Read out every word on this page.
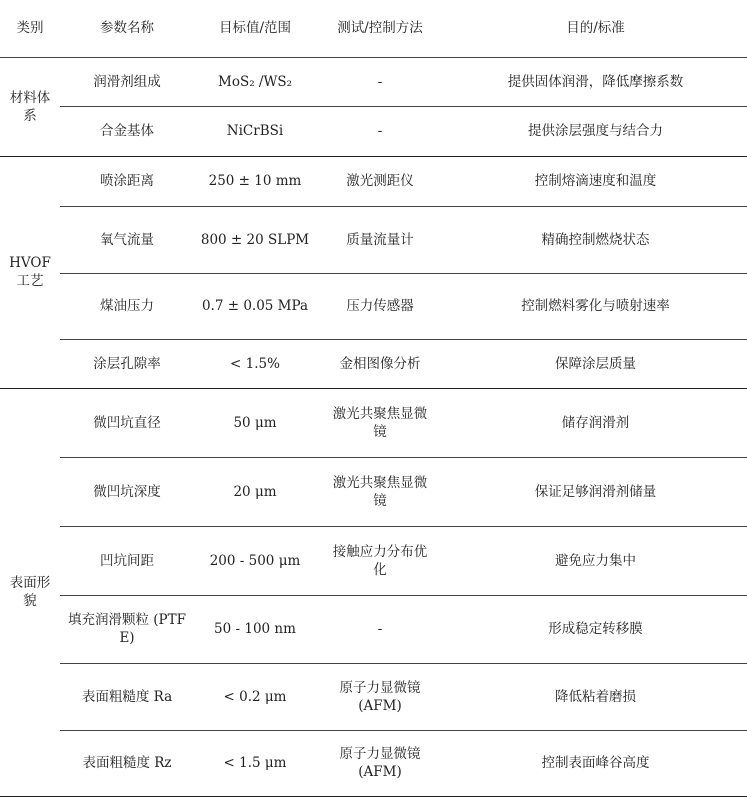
类别	参数名称	目标值/范围	测试/控制方法	目的/标准
材料体系	润滑剂组成	MoS₂ /WS₂	-	提供固体润滑，降低摩擦系数
	合金基体	NiCrBSi	-	提供涂层强度与结合力
HVOF工艺	喷涂距离	250 ± 10 mm	激光测距仪	控制熔滴速度和温度
	氧气流量	800 ± 20 SLPM	质量流量计	精确控制燃烧状态
	煤油压力	0.7 ± 0.05 MPa	压力传感器	控制燃料雾化与喷射速率
	涂层孔隙率	< 1.5%	金相图像分析	保障涂层质量
表面形貌	微凹坑直径	50 μm	激光共聚焦显微镜	储存润滑剂
	微凹坑深度	20 μm	激光共聚焦显微镜	保证足够润滑剂储量
	凹坑间距	200 - 500 μm	接触应力分布优化	避免应力集中
	填充润滑颗粒 (PTFE)	50 - 100 nm	-	形成稳定转移膜
	表面粗糙度 Ra	< 0.2 μm	原子力显微镜 (AFM)	降低粘着磨损
	表面粗糙度 Rz	< 1.5 μm	原子力显微镜 (AFM)	控制表面峰谷高度
